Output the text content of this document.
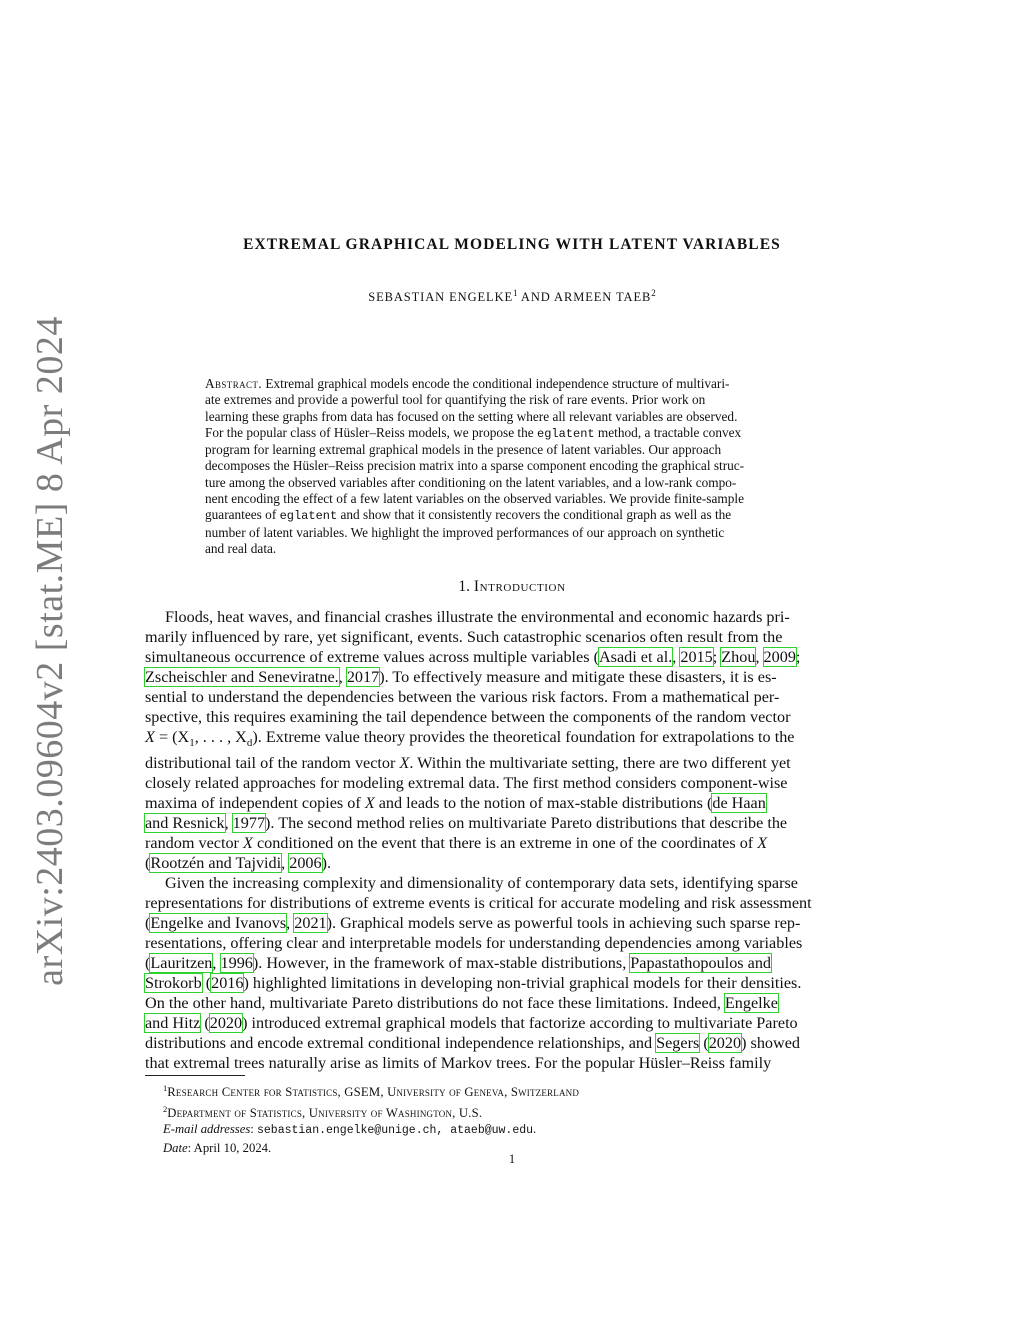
arXiv:2403.09604v2 [stat.ME] 8 Apr 2024
EXTREMAL GRAPHICAL MODELING WITH LATENT VARIABLES
SEBASTIAN ENGELKE$^1$ AND ARMEEN TAEB$^2$
Abstract. Extremal graphical models encode the conditional independence structure of multivari-
ate extremes and provide a powerful tool for quantifying the risk of rare events. Prior work on
learning these graphs from data has focused on the setting where all relevant variables are observed.
For the popular class of Hüsler–Reiss models, we propose the eglatent method, a tractable convex
program for learning extremal graphical models in the presence of latent variables. Our approach
decomposes the Hüsler–Reiss precision matrix into a sparse component encoding the graphical struc-
ture among the observed variables after conditioning on the latent variables, and a low-rank compo-
nent encoding the effect of a few latent variables on the observed variables. We provide finite-sample
guarantees of eglatent and show that it consistently recovers the conditional graph as well as the
number of latent variables. We highlight the improved performances of our approach on synthetic
and real data.
1. Introduction
Floods, heat waves, and financial crashes illustrate the environmental and economic hazards pri-
marily influenced by rare, yet significant, events. Such catastrophic scenarios often result from the
simultaneous occurrence of extreme values across multiple variables (Asadi et al., 2015; Zhou, 2009;
Zscheischler and Seneviratne., 2017). To effectively measure and mitigate these disasters, it is es-
sential to understand the dependencies between the various risk factors. From a mathematical per-
spective, this requires examining the tail dependence between the components of the random vector
$X = (X_1$, . . . , $X_d$). Extreme value theory provides the theoretical foundation for extrapolations to the
distributional tail of the random vector X. Within the multivariate setting, there are two different yet
closely related approaches for modeling extremal data. The first method considers component-wise
maxima of independent copies of X and leads to the notion of max-stable distributions (de Haan
and Resnick, 1977). The second method relies on multivariate Pareto distributions that describe the
random vector X conditioned on the event that there is an extreme in one of the coordinates of X
(Rootzén and Tajvidi, 2006).
Given the increasing complexity and dimensionality of contemporary data sets, identifying sparse
representations for distributions of extreme events is critical for accurate modeling and risk assessment
(Engelke and Ivanovs, 2021). Graphical models serve as powerful tools in achieving such sparse rep-
resentations, offering clear and interpretable models for understanding dependencies among variables
(Lauritzen, 1996). However, in the framework of max-stable distributions, Papastathopoulos and
Strokorb (2016) highlighted limitations in developing non-trivial graphical models for their densities.
On the other hand, multivariate Pareto distributions do not face these limitations. Indeed, Engelke
and Hitz (2020) introduced extremal graphical models that factorize according to multivariate Pareto
distributions and encode extremal conditional independence relationships, and Segers (2020) showed
that extremal trees naturally arise as limits of Markov trees. For the popular Hüsler–Reiss family
$^1$Research Center for Statistics, GSEM, University of Geneva, Switzerland
$^2$Department of Statistics, University of Washington, U.S.
E-mail addresses: sebastian.engelke@unige.ch, ataeb@uw.edu.
Date: April 10, 2024.
1
